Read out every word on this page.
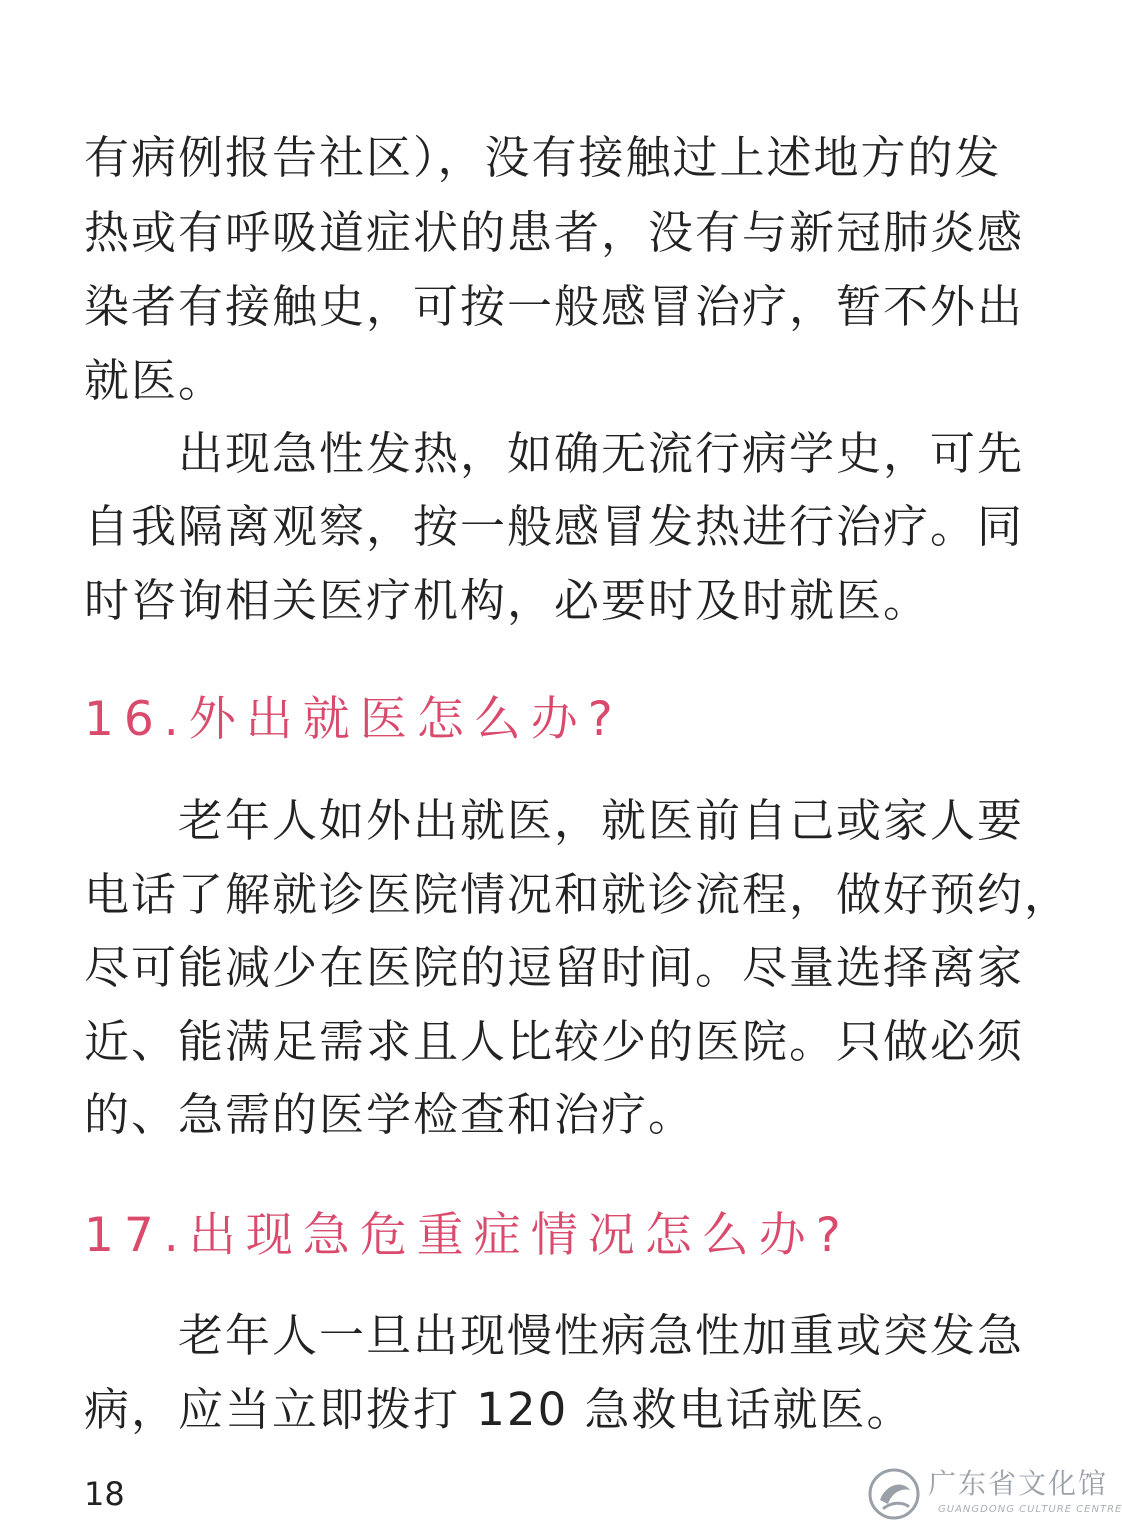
有病例报告社区），没有接触过上述地方的发
热或有呼吸道症状的患者，没有与新冠肺炎感
染者有接触史，可按一般感冒治疗，暂不外出
就医。
　　出现急性发热，如确无流行病学史，可先
自我隔离观察，按一般感冒发热进行治疗。同
时咨询相关医疗机构，必要时及时就医。
16.外出就医怎么办?
　　老年人如外出就医，就医前自己或家人要
电话了解就诊医院情况和就诊流程，做好预约，
尽可能减少在医院的逗留时间。尽量选择离家
近、能满足需求且人比较少的医院。只做必须
的、急需的医学检查和治疗。
17.出现急危重症情况怎么办?
　　老年人一旦出现慢性病急性加重或突发急
病，应当立即拨打 120 急救电话就医。
18	广东省文化馆
GUANGDONG CULTURE CENTRE
